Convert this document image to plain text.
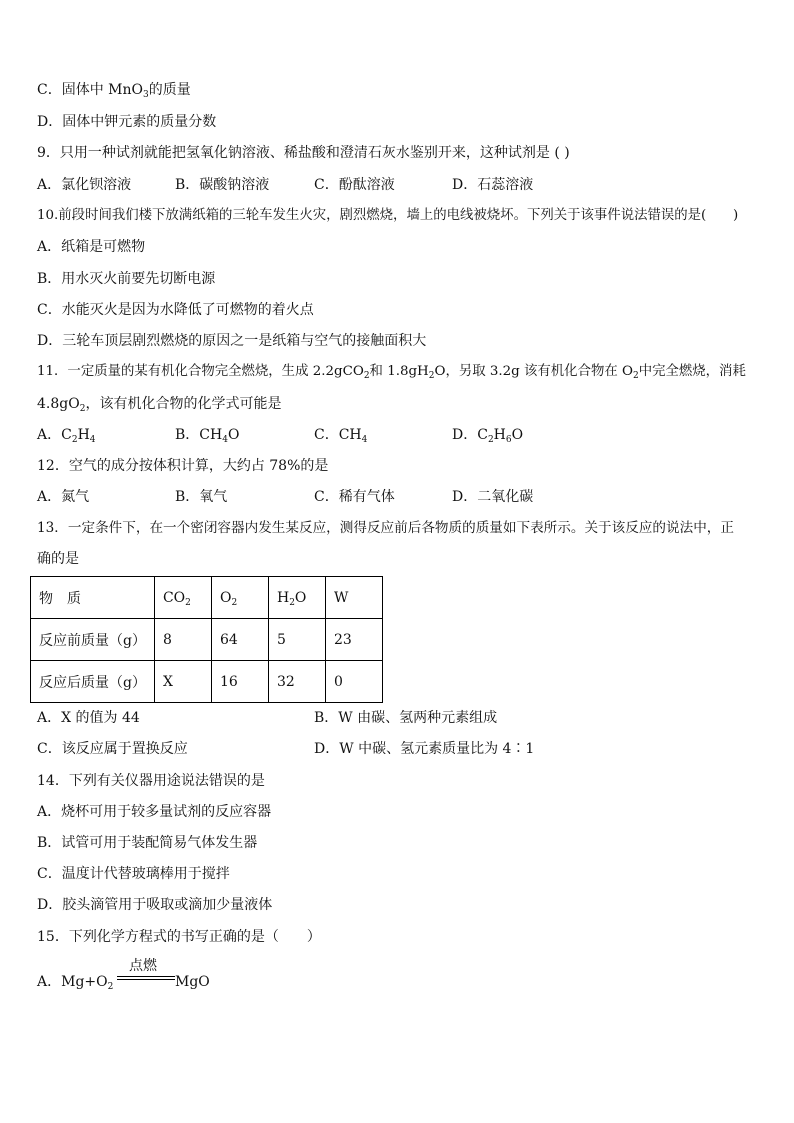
C．固体中 MnO$_3$的质量
D．固体中钾元素的质量分数
9．只用一种试剂就能把氢氧化钠溶液、稀盐酸和澄清石灰水鉴别开来，这种试剂是 ( )
A．氯化钡溶液	B．碳酸钠溶液	C．酚酞溶液	D．石蕊溶液
10.前段时间我们楼下放满纸箱的三轮车发生火灾，剧烈燃烧，墙上的电线被烧坏。下列关于该事件说法错误的是(　　)
A．纸箱是可燃物
B．用水灭火前要先切断电源
C．水能灭火是因为水降低了可燃物的着火点
D．三轮车顶层剧烈燃烧的原因之一是纸箱与空气的接触面积大
11．一定质量的某有机化合物完全燃烧，生成 2.2gCO$_2$和 $1.8gH_2O$，另取 3.2g 该有机化合物在 $O_2$中完全燃烧，消耗
$4.8gO_2$，该有机化合物的化学式可能是
A．$C_2H_4$	B．$CH_4O$	C．$CH_4$	D．$C_2H_6O$
12．空气的成分按体积计算，大约占 78%的是
A．氮气	B．氧气	C．稀有气体	D．二氧化碳
13．一定条件下，在一个密闭容器内发生某反应，测得反应前后各物质的质量如下表所示。关于该反应的说法中，正
确的是
物　质	$CO_2$	$O_2$	$H_2O$	W
反应前质量（g）	8	64	5	23
反应后质量（g）	X	16	32	0
A．X 的值为 44	B．W 由碳、氢两种元素组成
C．该反应属于置换反应	D．W 中碳、氢元素质量比为 4∶1
14．下列有关仪器用途说法错误的是
A．烧杯可用于较多量试剂的反应容器
B．试管可用于装配简易气体发生器
C．温度计代替玻璃棒用于搅拌
D．胶头滴管用于吸取或滴加少量液体
15．下列化学方程式的书写正确的是（　　）
点燃
A．$Mg+O_2$	MgO
